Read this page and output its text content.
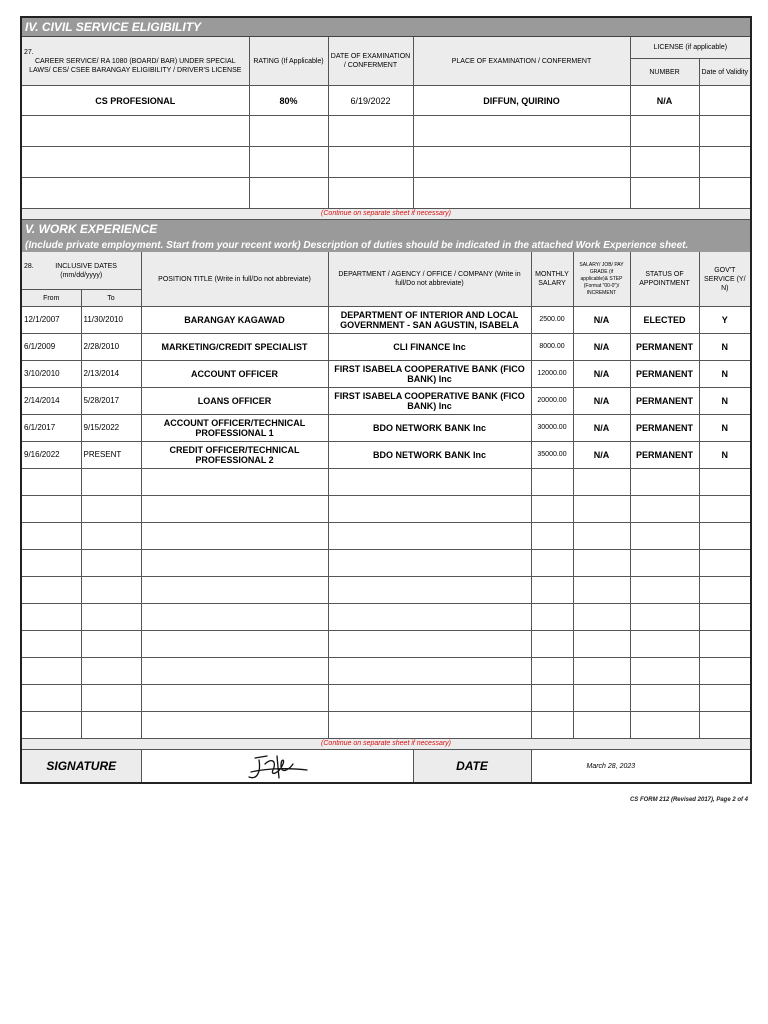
IV. CIVIL SERVICE ELIGIBILITY									

27.
CAREER SERVICE/ RA 1080 (BOARD/ BAR) UNDER SPECIAL LAWS/ CES/ CSEE BARANGAY ELIGIBILITY / DRIVER'S LICENSE			RATING (If Applicable)	DATE OF EXAMINATION / CONFERMENT	PLACE OF EXAMINATION / CONFERMENT			LICENSE (if applicable)	
								NUMBER	Date of Validity
CS PROFESIONAL			80%	6/19/2022	DIFFUN, QUIRINO			N/A	

(Continue on separate sheet if necessary)									
V. WORK EXPERIENCE									
(Include private employment. Start from your recent work) Description of duties should be indicated in the attached Work Experience sheet.									

28. INCLUSIVE DATES (mm/dd/yyyy)		POSITION TITLE (Write in full/Do not abbreviate)		DEPARTMENT / AGENCY / OFFICE / COMPANY (Write in full/Do not abbreviate)		MONTHLY SALARY	SALARY/ JOB/ PAY GRADE (if applicable)& STEP (Format "00-0")/ INCREMENT	STATUS OF APPOINTMENT	GOV'T SERVICE (Y/ N)
From	To								
12/1/2007	11/30/2010	BARANGAY KAGAWAD		DEPARTMENT OF INTERIOR AND LOCAL GOVERNMENT - SAN AGUSTIN, ISABELA		2500.00	N/A	ELECTED	Y
6/1/2009	2/28/2010	MARKETING/CREDIT SPECIALIST		CLI FINANCE Inc		8000.00	N/A	PERMANENT	N
3/10/2010	2/13/2014	ACCOUNT OFFICER		FIRST ISABELA COOPERATIVE BANK (FICO BANK) Inc		12000.00	N/A	PERMANENT	N
2/14/2014	5/28/2017	LOANS OFFICER		FIRST ISABELA COOPERATIVE BANK (FICO BANK) Inc		20000.00	N/A	PERMANENT	N
6/1/2017	9/15/2022	ACCOUNT OFFICER/TECHNICAL PROFESSIONAL 1		BDO NETWORK BANK Inc		30000.00	N/A	PERMANENT	N
9/16/2022	PRESENT	CREDIT OFFICER/TECHNICAL PROFESSIONAL 2		BDO NETWORK BANK Inc		35000.00	N/A	PERMANENT	N

(Continue on separate sheet if necessary)									
SIGNATURE					DATE	March 28, 2023			
CS FORM 212 (Revised 2017), Page 2 of 4
